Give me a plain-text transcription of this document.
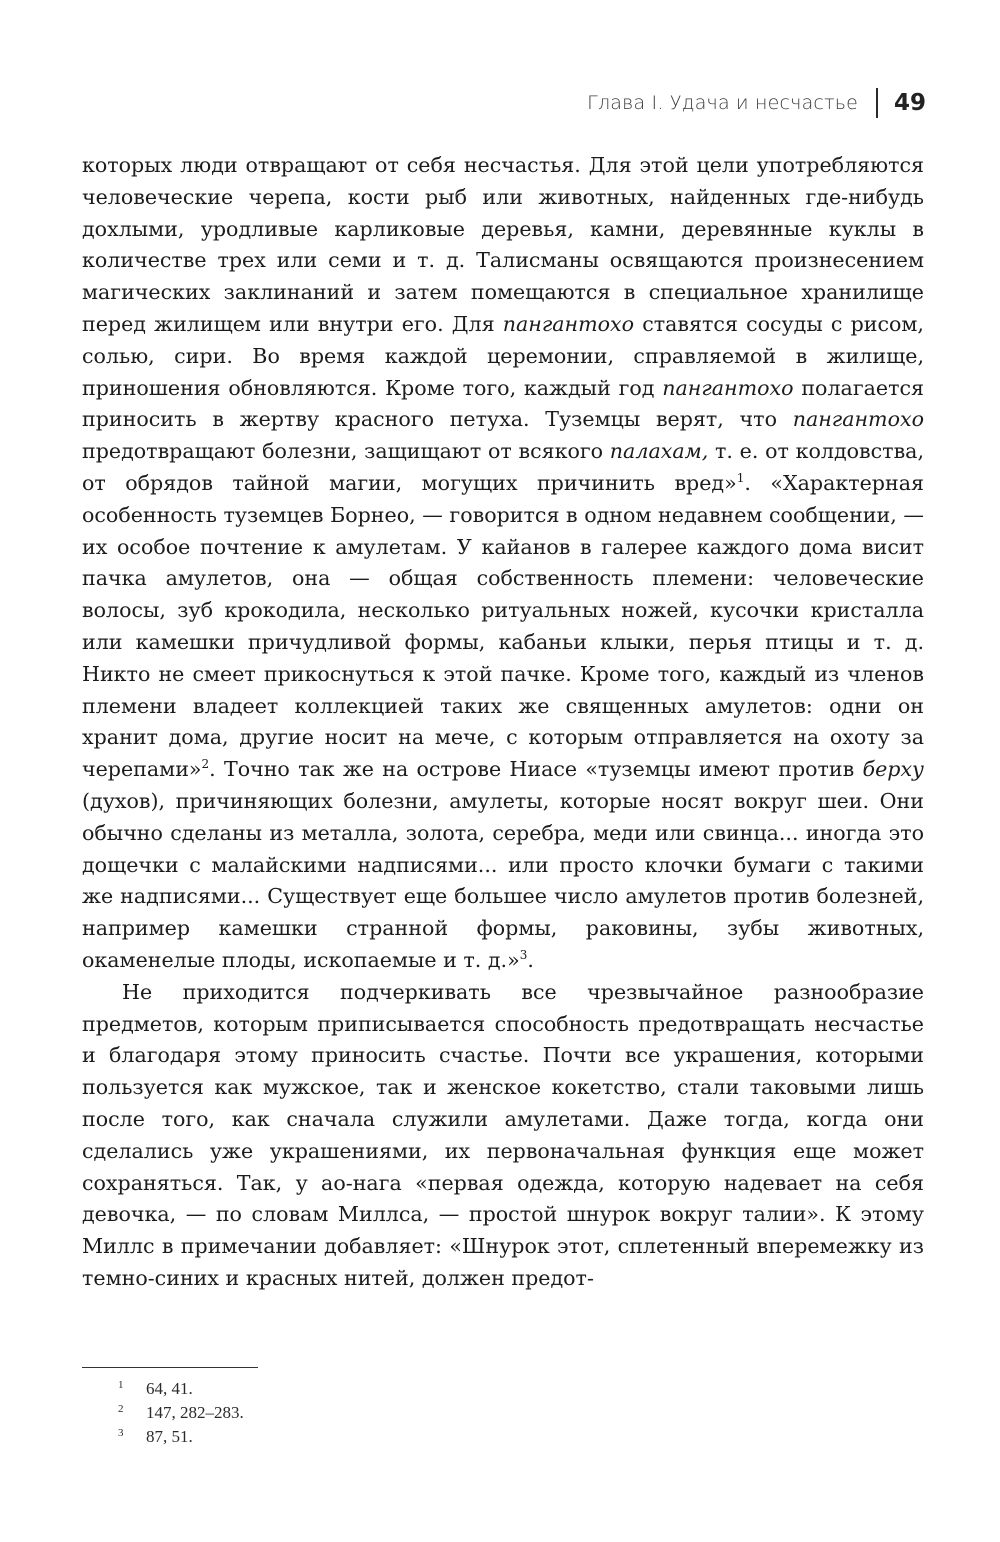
Глава I. Удача и несчастье 49

которых люди отвращают от себя несчастья. Для этой цели употребляются человеческие черепа, кости рыб или животных, найденных где-нибудь дохлыми, уродливые карликовые деревья, камни, деревянные куклы в количестве трех или семи и т. д. Талисманы освящаются произнесением магических заклинаний и затем помещаются в специальное хранилище перед жилищем или внутри его. Для пангантохо ставятся сосуды с рисом, солью, сири. Во время каждой церемонии, справляемой в жилище, приношения обновляются. Кроме того, каждый год пангантохо полагается приносить в жертву красного петуха. Туземцы верят, что пангантохо предотвращают болезни, защищают от всякого палахам, т. е. от колдовства, от обрядов тайной магии, могущих причинить вред»$^1$. «Характерная особенность туземцев Борнео, — говорится в одном недавнем сообщении, — их особое почтение к амулетам. У кайанов в галерее каждого дома висит пачка амулетов, она — общая собственность племени: человеческие волосы, зуб крокодила, несколько ритуальных ножей, кусочки кристалла или камешки причудливой формы, кабаньи клыки, перья птицы и т. д. Никто не смеет прикоснуться к этой пачке. Кроме того, каждый из членов племени владеет коллекцией таких же священных амулетов: одни он хранит дома, другие носит на мече, с которым отправляется на охоту за черепами»$^2$. Точно так же на острове Ниасе «туземцы имеют против берху (духов), причиняющих болезни, амулеты, которые носят вокруг шеи. Они обычно сделаны из металла, золота, серебра, меди или свинца... иногда это дощечки с малайскими надписями... или просто клочки бумаги с такими же надписями... Существует еще большее число амулетов против болезней, например камешки странной формы, раковины, зубы животных, окаменелые плоды, ископаемые и т. д.»$^3$.

Не приходится подчеркивать все чрезвычайное разнообразие предметов, которым приписывается способность предотвращать несчастье и благодаря этому приносить счастье. Почти все украшения, которыми пользуется как мужское, так и женское кокетство, стали таковыми лишь после того, как сначала служили амулетами. Даже тогда, когда они сделались уже украшениями, их первоначальная функция еще может сохраняться. Так, у ао-нага «первая одежда, которую надевает на себя девочка, — по словам Миллса, — простой шнурок вокруг талии». К этому Миллс в примечании добавляет: «Шнурок этот, сплетенный вперемежку из темно-синих и красных нитей, должен предот-

1	64, 41.
2	147, 282–283.
3	87, 51.
